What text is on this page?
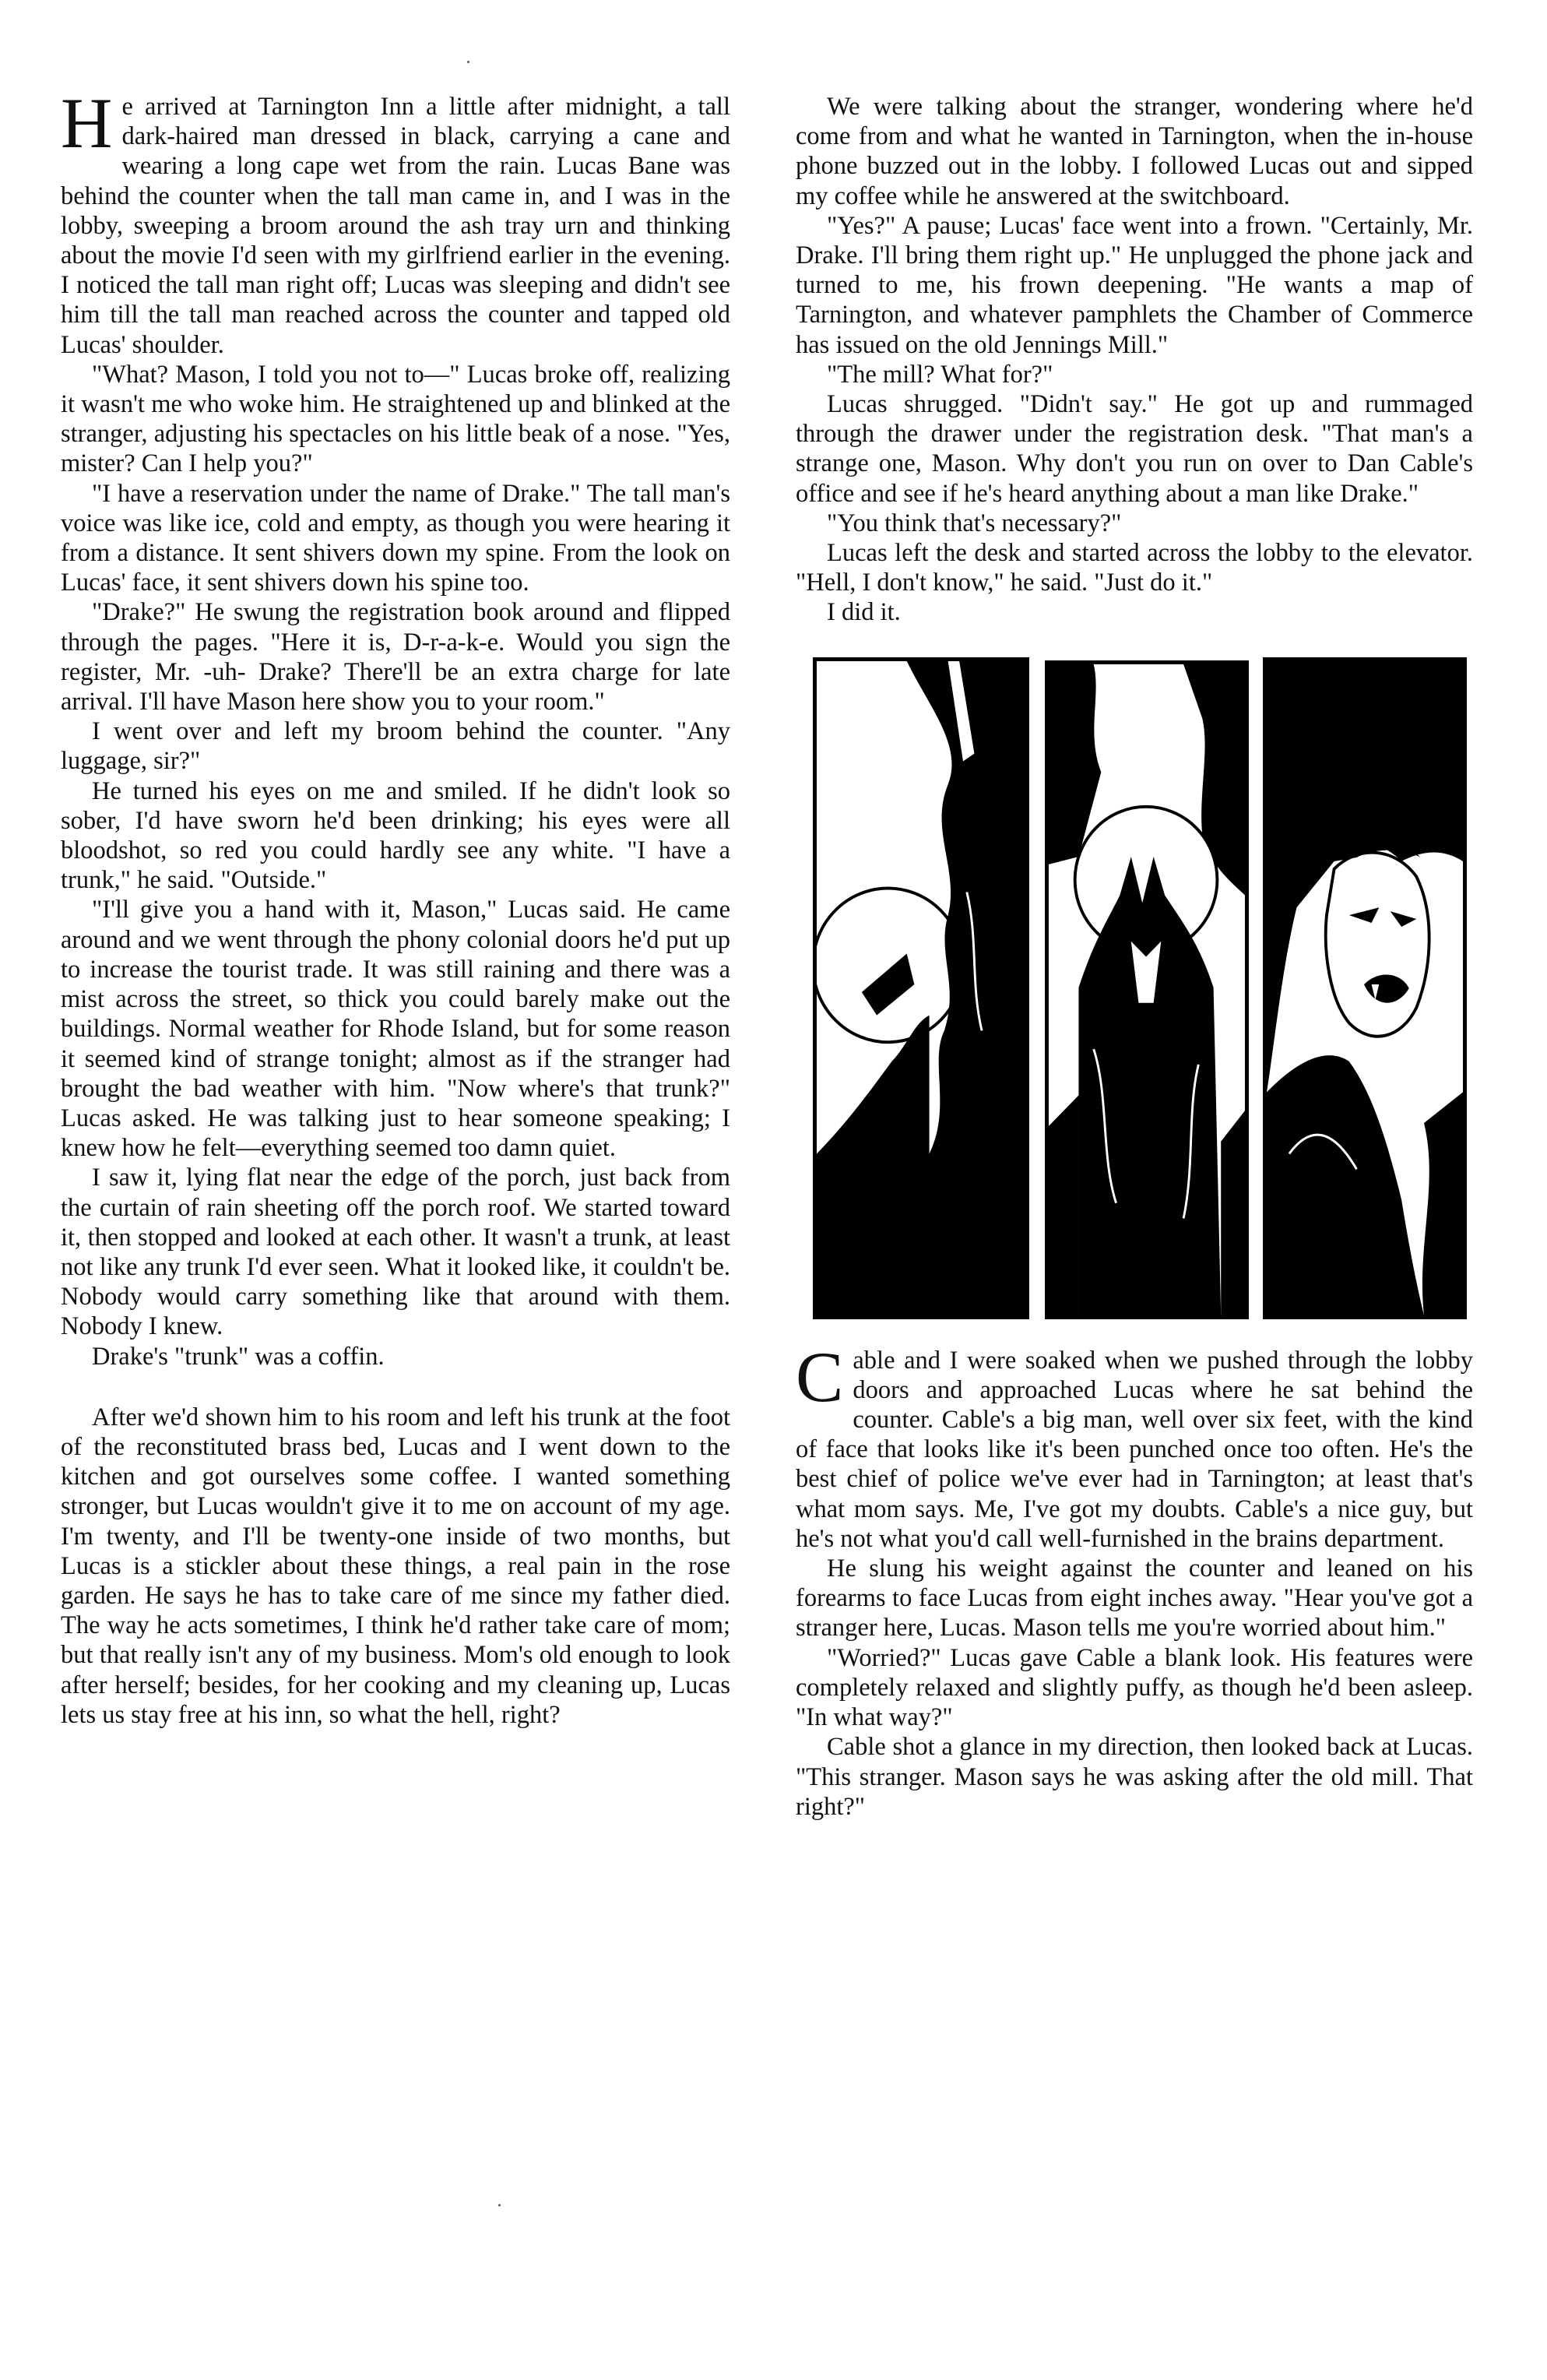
He arrived at Tarnington Inn a little after midnight, a tall dark-haired man dressed in black, carrying a cane and wearing a long cape wet from the rain. Lucas Bane was behind the counter when the tall man came in, and I was in the lobby, sweeping a broom around the ash tray urn and thinking about the movie I'd seen with my girlfriend earlier in the evening. I noticed the tall man right off; Lucas was sleeping and didn't see him till the tall man reached across the counter and tapped old Lucas' shoulder.

"What? Mason, I told you not to—" Lucas broke off, realizing it wasn't me who woke him. He straightened up and blinked at the stranger, adjusting his spectacles on his little beak of a nose. "Yes, mister? Can I help you?"

"I have a reservation under the name of Drake." The tall man's voice was like ice, cold and empty, as though you were hearing it from a distance. It sent shivers down my spine. From the look on Lucas' face, it sent shivers down his spine too.

"Drake?" He swung the registration book around and flipped through the pages. "Here it is, D-r-a-k-e. Would you sign the register, Mr. -uh- Drake? There'll be an extra charge for late arrival. I'll have Mason here show you to your room."

I went over and left my broom behind the counter. "Any luggage, sir?"

He turned his eyes on me and smiled. If he didn't look so sober, I'd have sworn he'd been drinking; his eyes were all bloodshot, so red you could hardly see any white. "I have a trunk," he said. "Outside."

"I'll give you a hand with it, Mason," Lucas said. He came around and we went through the phony colonial doors he'd put up to increase the tourist trade. It was still raining and there was a mist across the street, so thick you could barely make out the buildings. Normal weather for Rhode Island, but for some reason it seemed kind of strange tonight; almost as if the stranger had brought the bad weather with him. "Now where's that trunk?" Lucas asked. He was talking just to hear someone speaking; I knew how he felt—everything seemed too damn quiet.

I saw it, lying flat near the edge of the porch, just back from the curtain of rain sheeting off the porch roof. We started toward it, then stopped and looked at each other. It wasn't a trunk, at least not like any trunk I'd ever seen. What it looked like, it couldn't be. Nobody would carry something like that around with them. Nobody I knew.

Drake's "trunk" was a coffin.

After we'd shown him to his room and left his trunk at the foot of the reconstituted brass bed, Lucas and I went down to the kitchen and got ourselves some coffee. I wanted something stronger, but Lucas wouldn't give it to me on account of my age. I'm twenty, and I'll be twenty-one inside of two months, but Lucas is a stickler about these things, a real pain in the rose garden. He says he has to take care of me since my father died. The way he acts sometimes, I think he'd rather take care of mom; but that really isn't any of my business. Mom's old enough to look after herself; besides, for her cooking and my cleaning up, Lucas lets us stay free at his inn, so what the hell, right?

We were talking about the stranger, wondering where he'd come from and what he wanted in Tarnington, when the in-house phone buzzed out in the lobby. I followed Lucas out and sipped my coffee while he answered at the switchboard.

"Yes?" A pause; Lucas' face went into a frown. "Certainly, Mr. Drake. I'll bring them right up." He unplugged the phone jack and turned to me, his frown deepening. "He wants a map of Tarnington, and whatever pamphlets the Chamber of Commerce has issued on the old Jennings Mill."

"The mill? What for?"

Lucas shrugged. "Didn't say." He got up and rummaged through the drawer under the registration desk. "That man's a strange one, Mason. Why don't you run on over to Dan Cable's office and see if he's heard anything about a man like Drake."

"You think that's necessary?"

Lucas left the desk and started across the lobby to the elevator. "Hell, I don't know," he said. "Just do it."

I did it.

Cable and I were soaked when we pushed through the lobby doors and approached Lucas where he sat behind the counter. Cable's a big man, well over six feet, with the kind of face that looks like it's been punched once too often. He's the best chief of police we've ever had in Tarnington; at least that's what mom says. Me, I've got my doubts. Cable's a nice guy, but he's not what you'd call well-furnished in the brains department.

He slung his weight against the counter and leaned on his forearms to face Lucas from eight inches away. "Hear you've got a stranger here, Lucas. Mason tells me you're worried about him."

"Worried?" Lucas gave Cable a blank look. His features were completely relaxed and slightly puffy, as though he'd been asleep. "In what way?"

Cable shot a glance in my direction, then looked back at Lucas. "This stranger. Mason says he was asking after the old mill. That right?"
